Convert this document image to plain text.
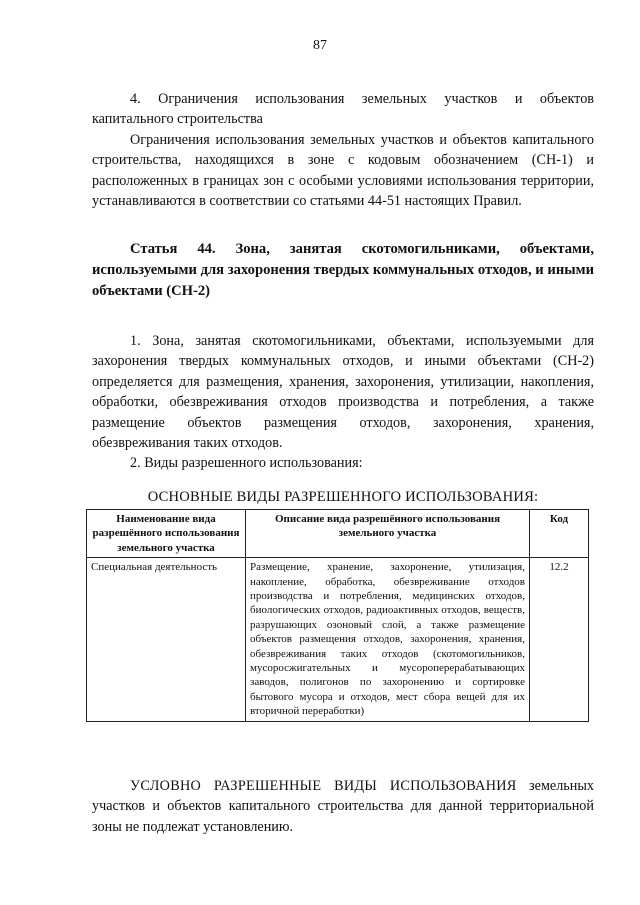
87

4. Ограничения использования земельных участков и объектов капитального строительства

Ограничения использования земельных участков и объектов капитального строительства, находящихся в зоне с кодовым обозначением (СН-1) и расположенных в границах зон с особыми условиями использования территории, устанавливаются в соответствии со статьями 44-51 настоящих Правил.

Статья 44. Зона, занятая скотомогильниками, объектами, используемыми для захоронения твердых коммунальных отходов, и иными объектами (СН-2)

1. Зона, занятая скотомогильниками, объектами, используемыми для захоронения твердых коммунальных отходов, и иными объектами (СН-2) определяется для размещения, хранения, захоронения, утилизации, накопления, обработки, обезвреживания отходов производства и потребления, а также размещение объектов размещения отходов, захоронения, хранения, обезвреживания таких отходов.

2. Виды разрешенного использования:

ОСНОВНЫЕ ВИДЫ РАЗРЕШЕННОГО ИСПОЛЬЗОВАНИЯ:
Наименование вида разрешённого использования земельного участка	Описание вида разрешённого использования земельного участка	Код
Специальная деятельность	Размещение, хранение, захоронение, утилизация, накопление, обработка, обезвреживание отходов производства и потребления, медицинских отходов, биологических отходов, радиоактивных отходов, веществ, разрушающих озоновый слой, а также размещение объектов размещения отходов, захоронения, хранения, обезвреживания таких отходов (скотомогильников, мусоросжигательных и мусороперерабатывающих заводов, полигонов по захоронению и сортировке бытового мусора и отходов, мест сбора вещей для их вторичной переработки)	12.2

УСЛОВНО РАЗРЕШЕННЫЕ ВИДЫ ИСПОЛЬЗОВАНИЯ земельных участков и объектов капитального строительства для данной территориальной зоны не подлежат установлению.
